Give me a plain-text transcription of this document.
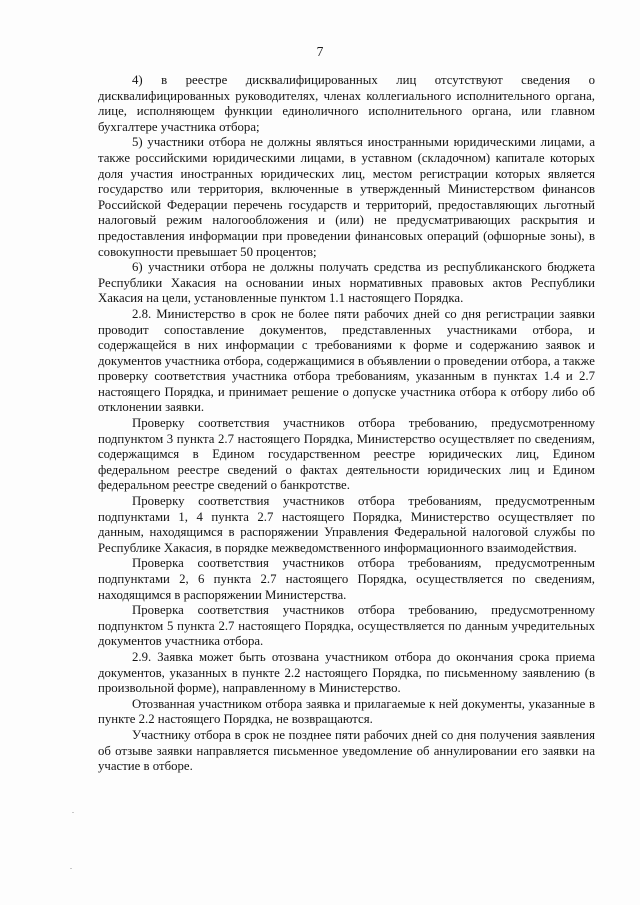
7

4) в реестре дисквалифицированных лиц отсутствуют сведения о дисквалифицированных руководителях, членах коллегиального исполнительного органа, лице, исполняющем функции единоличного исполнительного органа, или главном бухгалтере участника отбора;

5) участники отбора не должны являться иностранными юридическими лицами, а также российскими юридическими лицами, в уставном (складочном) капитале которых доля участия иностранных юридических лиц, местом регистрации которых является государство или территория, включенные в утвержденный Министерством финансов Российской Федерации перечень государств и территорий, предоставляющих льготный налоговый режим налогообложения и (или) не предусматривающих раскрытия и предоставления информации при проведении финансовых операций (офшорные зоны), в совокупности превышает 50 процентов;

6) участники отбора не должны получать средства из республиканского бюджета Республики Хакасия на основании иных нормативных правовых актов Республики Хакасия на цели, установленные пунктом 1.1 настоящего Порядка.

2.8. Министерство в срок не более пяти рабочих дней со дня регистрации заявки проводит сопоставление документов, представленных участниками отбора, и содержащейся в них информации с требованиями к форме и содержанию заявок и документов участника отбора, содержащимися в объявлении о проведении отбора, а также проверку соответствия участника отбора требованиям, указанным в пунктах 1.4 и 2.7 настоящего Порядка, и принимает решение о допуске участника отбора к отбору либо об отклонении заявки.

Проверку соответствия участников отбора требованию, предусмотренному подпунктом 3 пункта 2.7 настоящего Порядка, Министерство осуществляет по сведениям, содержащимся в Едином государственном реестре юридических лиц, Едином федеральном реестре сведений о фактах деятельности юридических лиц и Едином федеральном реестре сведений о банкротстве.

Проверку соответствия участников отбора требованиям, предусмотренным подпунктами 1, 4 пункта 2.7 настоящего Порядка, Министерство осуществляет по данным, находящимся в распоряжении Управления Федеральной налоговой службы по Республике Хакасия, в порядке межведомственного информационного взаимодействия.

Проверка соответствия участников отбора требованиям, предусмотренным подпунктами 2, 6 пункта 2.7 настоящего Порядка, осуществляется по сведениям, находящимся в распоряжении Министерства.

Проверка соответствия участников отбора требованию, предусмотренному подпунктом 5 пункта 2.7 настоящего Порядка, осуществляется по данным учредительных документов участника отбора.

2.9. Заявка может быть отозвана участником отбора до окончания срока приема документов, указанных в пункте 2.2 настоящего Порядка, по письменному заявлению (в произвольной форме), направленному в Министерство.

Отозванная участником отбора заявка и прилагаемые к ней документы, указанные в пункте 2.2 настоящего Порядка, не возвращаются.

Участнику отбора в срок не позднее пяти рабочих дней со дня получения заявления об отзыве заявки направляется письменное уведомление об аннулировании его заявки на участие в отборе.
